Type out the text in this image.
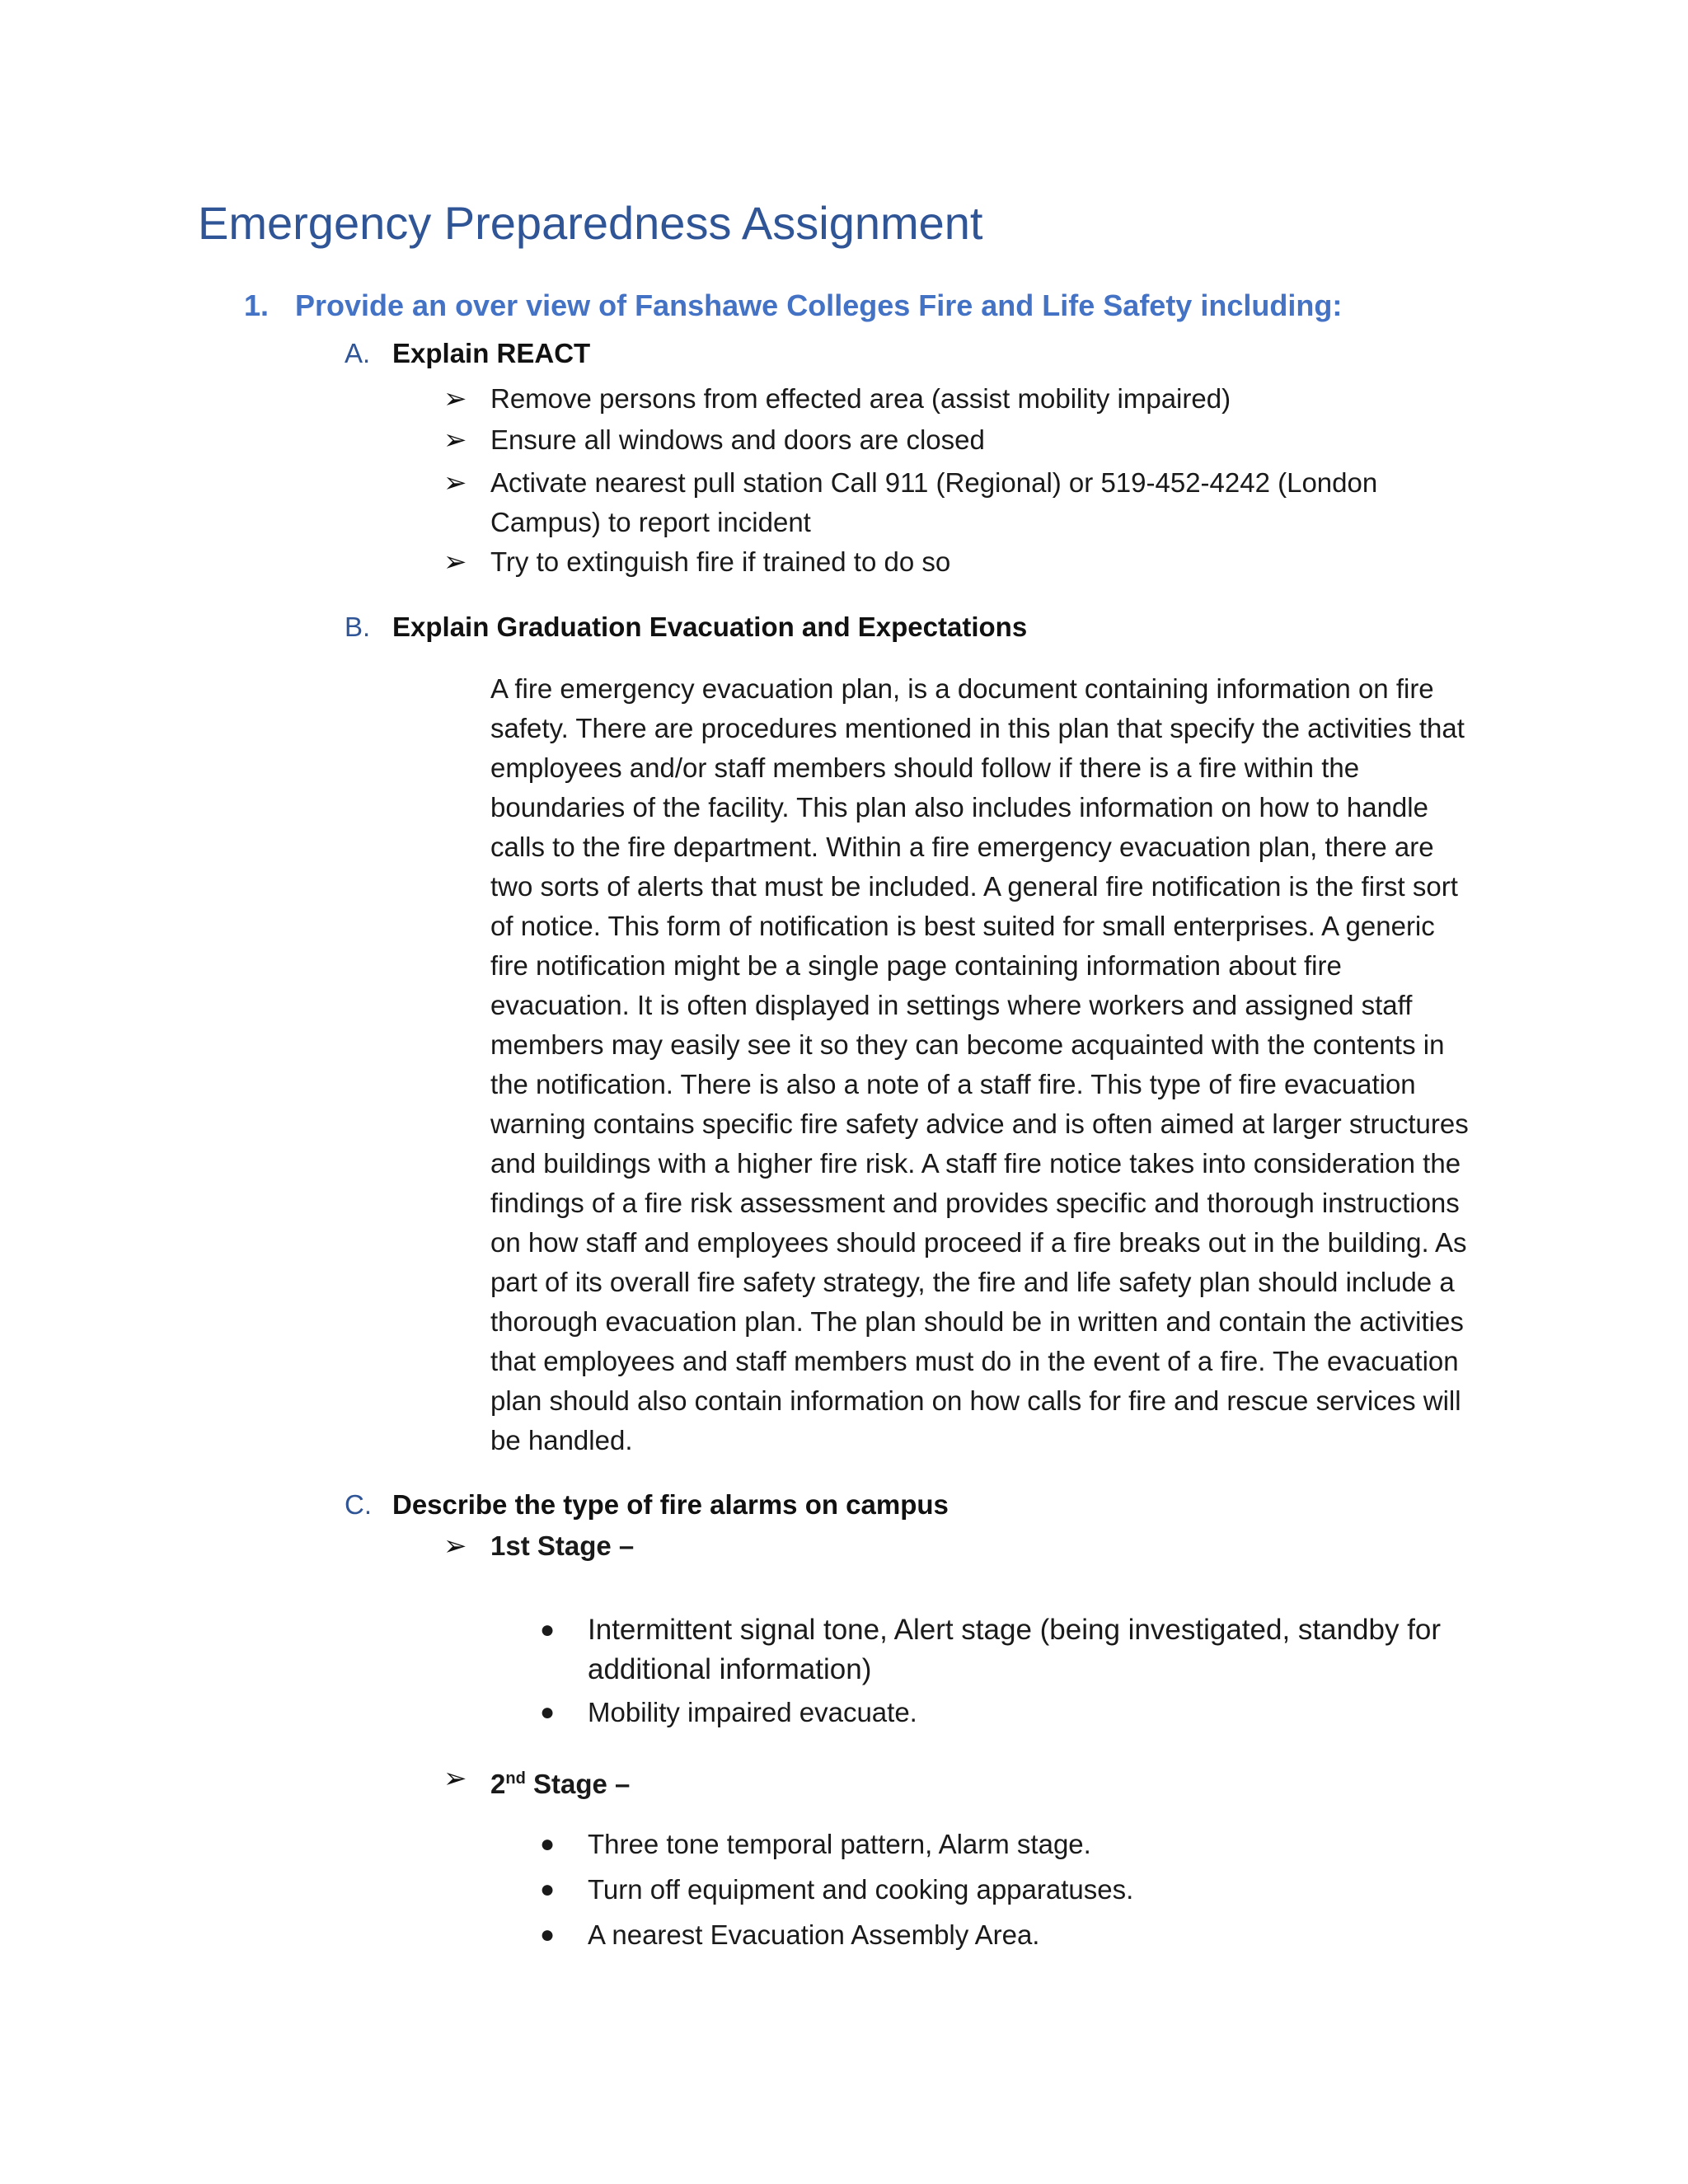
Emergency Preparedness Assignment
1. Provide an over view of Fanshawe Colleges Fire and Life Safety including:
A. Explain REACT
➢ Remove persons from effected area (assist mobility impaired)
➢ Ensure all windows and doors are closed
➢ Activate nearest pull station Call 911 (Regional) or 519-452-4242 (London Campus) to report incident
➢ Try to extinguish fire if trained to do so
B. Explain Graduation Evacuation and Expectations

A fire emergency evacuation plan, is a document containing information on fire safety. There are procedures mentioned in this plan that specify the activities that employees and/or staff members should follow if there is a fire within the boundaries of the facility. This plan also includes information on how to handle calls to the fire department. Within a fire emergency evacuation plan, there are two sorts of alerts that must be included. A general fire notification is the first sort of notice. This form of notification is best suited for small enterprises. A generic fire notification might be a single page containing information about fire evacuation. It is often displayed in settings where workers and assigned staff members may easily see it so they can become acquainted with the contents in the notification. There is also a note of a staff fire. This type of fire evacuation warning contains specific fire safety advice and is often aimed at larger structures and buildings with a higher fire risk. A staff fire notice takes into consideration the findings of a fire risk assessment and provides specific and thorough instructions on how staff and employees should proceed if a fire breaks out in the building. As part of its overall fire safety strategy, the fire and life safety plan should include a thorough evacuation plan. The plan should be in written and contain the activities that employees and staff members must do in the event of a fire. The evacuation plan should also contain information on how calls for fire and rescue services will be handled.

C. Describe the type of fire alarms on campus
➢ 1st Stage –
● Intermittent signal tone, Alert stage (being investigated, standby for additional information)
● Mobility impaired evacuate.
➢ 2nd Stage –
● Three tone temporal pattern, Alarm stage.
● Turn off equipment and cooking apparatuses.
● A nearest Evacuation Assembly Area.
